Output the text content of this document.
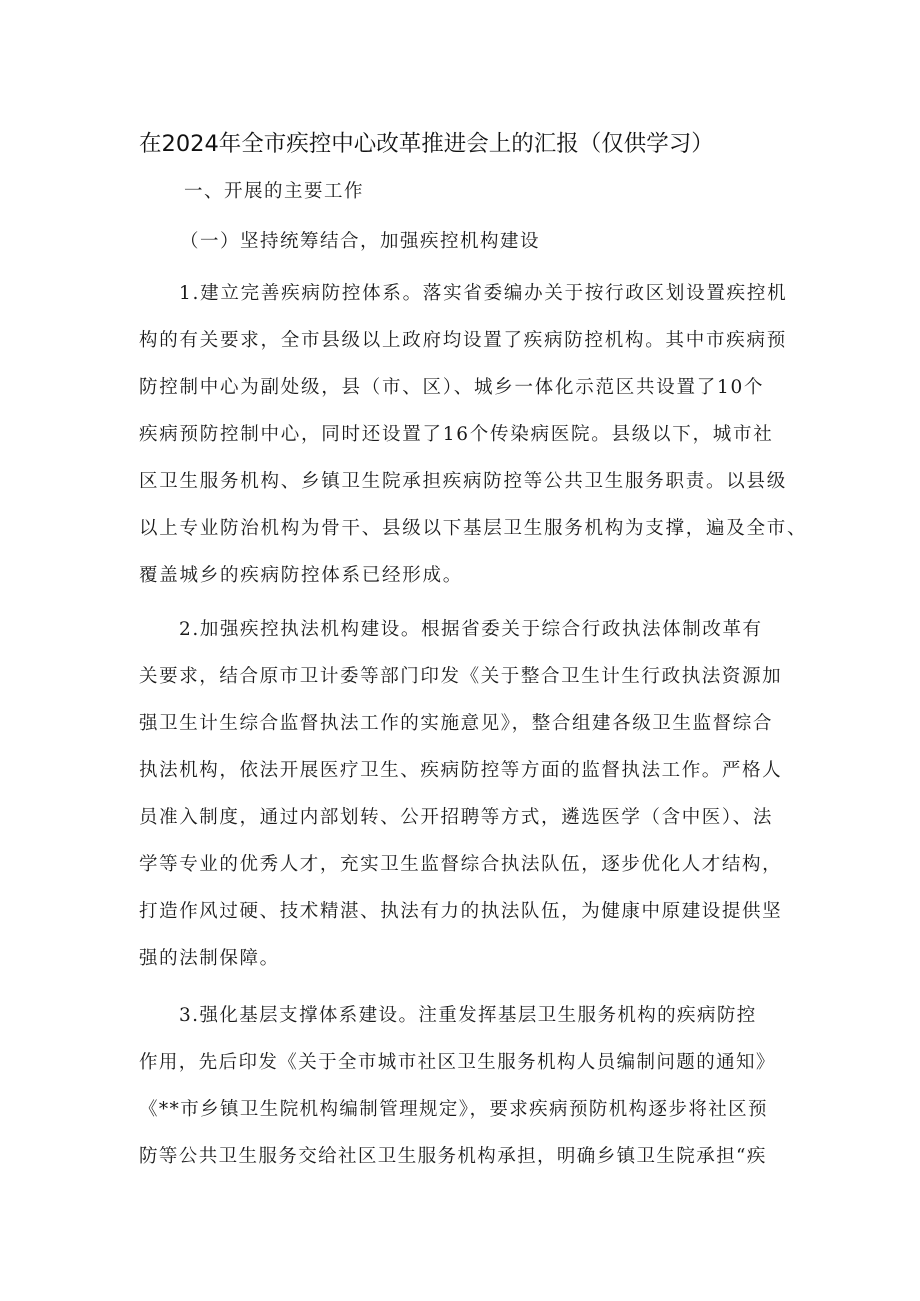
在2024年全市疾控中心改革推进会上的汇报（仅供学习）
一、开展的主要工作
（一）坚持统筹结合，加强疾控机构建设
1.建立完善疾病防控体系。落实省委编办关于按行政区划设置疾控机
构的有关要求，全市县级以上政府均设置了疾病防控机构。其中市疾病预
防控制中心为副处级，县（市、区）、城乡一体化示范区共设置了10个
疾病预防控制中心，同时还设置了16个传染病医院。县级以下，城市社
区卫生服务机构、乡镇卫生院承担疾病防控等公共卫生服务职责。以县级
以上专业防治机构为骨干、县级以下基层卫生服务机构为支撑，遍及全市、
覆盖城乡的疾病防控体系已经形成。
2.加强疾控执法机构建设。根据省委关于综合行政执法体制改革有
关要求，结合原市卫计委等部门印发《关于整合卫生计生行政执法资源加
强卫生计生综合监督执法工作的实施意见》，整合组建各级卫生监督综合
执法机构，依法开展医疗卫生、疾病防控等方面的监督执法工作。严格人
员准入制度，通过内部划转、公开招聘等方式，遴选医学（含中医）、法
学等专业的优秀人才，充实卫生监督综合执法队伍，逐步优化人才结构，
打造作风过硬、技术精湛、执法有力的执法队伍，为健康中原建设提供坚
强的法制保障。
3.强化基层支撑体系建设。注重发挥基层卫生服务机构的疾病防控
作用，先后印发《关于全市城市社区卫生服务机构人员编制问题的通知》
《**市乡镇卫生院机构编制管理规定》，要求疾病预防机构逐步将社区预
防等公共卫生服务交给社区卫生服务机构承担，明确乡镇卫生院承担“疾
